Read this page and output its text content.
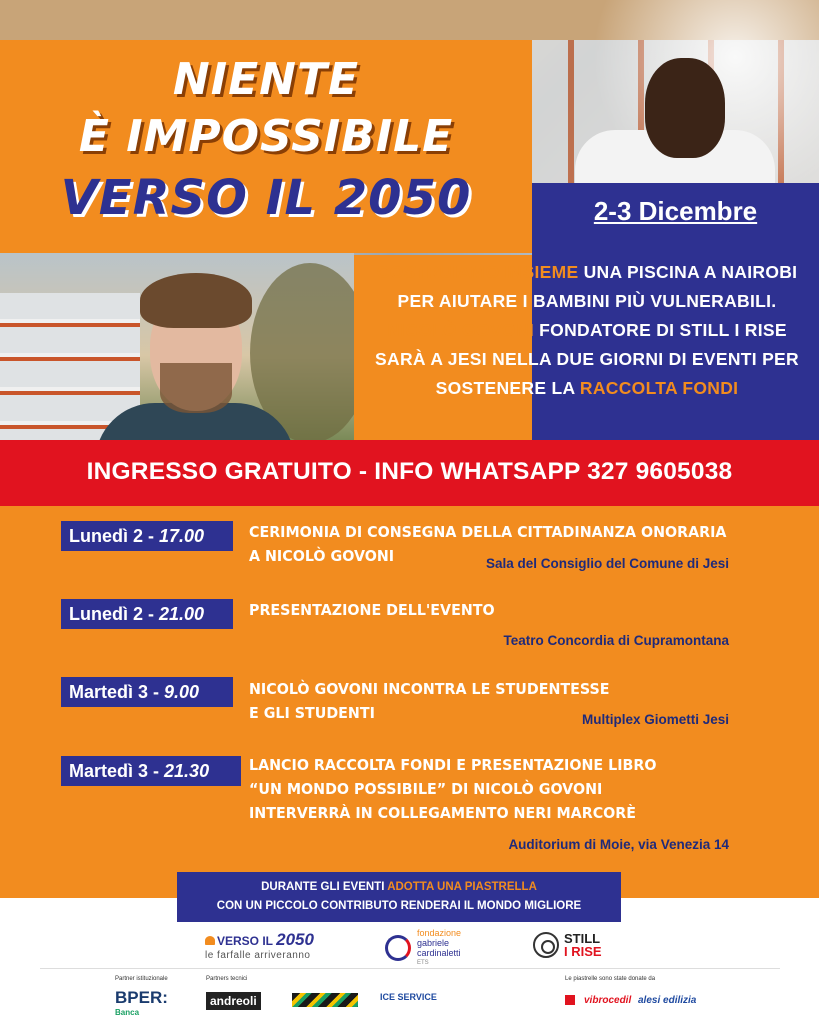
NIENTE
È IMPOSSIBILE
VERSO IL 2050	2-3 Dicembre
COSTRUIAMO INSIEME UNA PISCINA A NAIROBI PER AIUTARE I BAMBINI PIÙ VULNERABILI. NICOLÒ GOVONI FONDATORE DI STILL I RISE SARÀ A JESI NELLA DUE GIORNI DI EVENTI PER SOSTENERE LA RACCOLTA FONDI
INGRESSO GRATUITO - INFO WHATSAPP 327 9605038
Lunedì 2 - 17.00	CERIMONIA DI CONSEGNA DELLA CITTADINANZA ONORARIA
A NICOLÒ GOVONI	Sala del Consiglio del Comune di Jesi
Lunedì 2 - 21.00	PRESENTAZIONE DELL'EVENTO
Teatro Concordia di Cupramontana
Martedì 3 - 9.00	NICOLÒ GOVONI INCONTRA LE STUDENTESSE
E GLI STUDENTI	Multiplex Giometti Jesi
Martedì 3 - 21.30	LANCIO RACCOLTA FONDI E PRESENTAZIONE LIBRO
“UN MONDO POSSIBILE” DI NICOLÒ GOVONI
INTERVERRÀ IN COLLEGAMENTO NERI MARCORÈ
Auditorium di Moie, via Venezia 14
DURANTE GLI EVENTI ADOTTA UNA PIASTRELLA
CON UN PICCOLO CONTRIBUTO RENDERAI IL MONDO MIGLIORE
VERSO IL 2050
le farfalle arriveranno
fondazione
gabriele
cardinaletti
ETS
STILL
I RISE
Partner istituzionale
BPER:
Banca
Partners tecnici
andreoli	ICE SERVICE
Le piastrelle sono state donate da
vibrocedil alesi edilizia
